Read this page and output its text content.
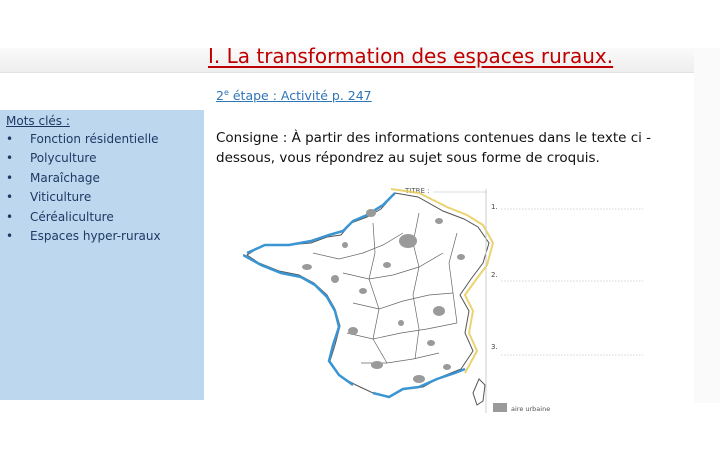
I. La transformation des espaces ruraux.
2e étape : Activité p. 247
Mots clés :
• Fonction résidentielle
• Polyculture
• Maraîchage
• Viticulture
• Céréaliculture
• Espaces hyper-ruraux
Consigne : À partir des informations contenues dans le texte ci -dessous, vous répondrez au sujet sous forme de croquis.
TITRE :
1.
2.
3.
aire urbaine
